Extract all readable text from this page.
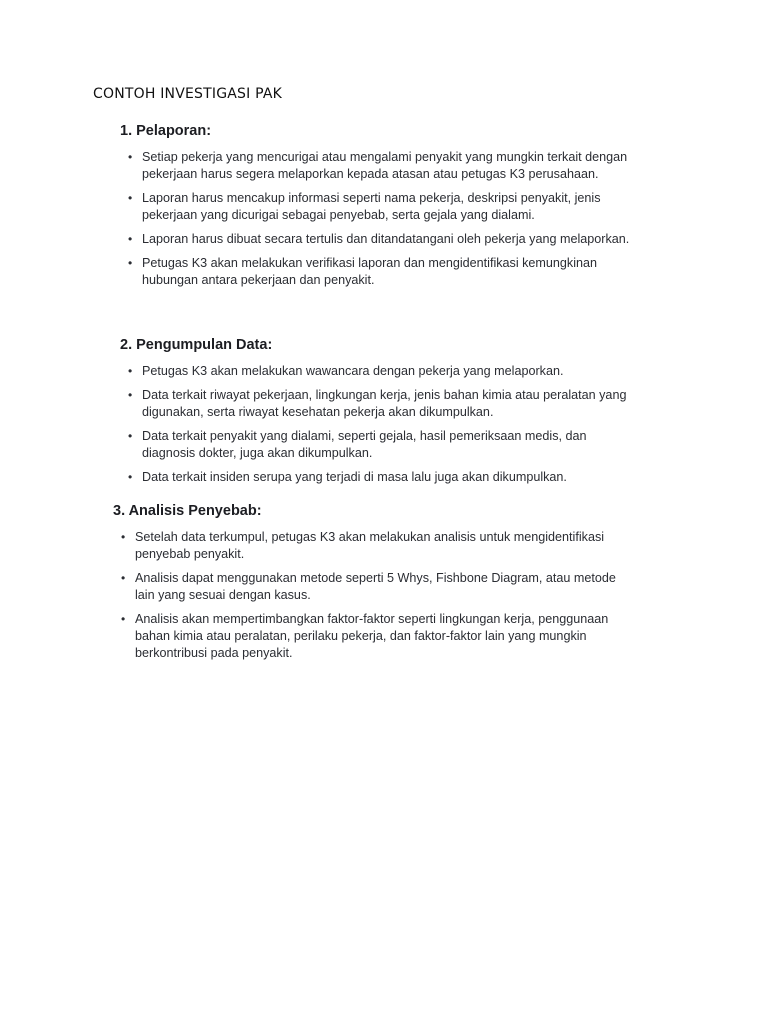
CONTOH INVESTIGASI PAK

1. Pelaporan:
• Setiap pekerja yang mencurigai atau mengalami penyakit yang mungkin terkait dengan pekerjaan harus segera melaporkan kepada atasan atau petugas K3 perusahaan.
• Laporan harus mencakup informasi seperti nama pekerja, deskripsi penyakit, jenis pekerjaan yang dicurigai sebagai penyebab, serta gejala yang dialami.
• Laporan harus dibuat secara tertulis dan ditandatangani oleh pekerja yang melaporkan.
• Petugas K3 akan melakukan verifikasi laporan dan mengidentifikasi kemungkinan hubungan antara pekerjaan dan penyakit.
2. Pengumpulan Data:
• Petugas K3 akan melakukan wawancara dengan pekerja yang melaporkan.
• Data terkait riwayat pekerjaan, lingkungan kerja, jenis bahan kimia atau peralatan yang digunakan, serta riwayat kesehatan pekerja akan dikumpulkan.
• Data terkait penyakit yang dialami, seperti gejala, hasil pemeriksaan medis, dan diagnosis dokter, juga akan dikumpulkan.
• Data terkait insiden serupa yang terjadi di masa lalu juga akan dikumpulkan.
3. Analisis Penyebab:
• Setelah data terkumpul, petugas K3 akan melakukan analisis untuk mengidentifikasi penyebab penyakit.
• Analisis dapat menggunakan metode seperti 5 Whys, Fishbone Diagram, atau metode lain yang sesuai dengan kasus.
• Analisis akan mempertimbangkan faktor-faktor seperti lingkungan kerja, penggunaan bahan kimia atau peralatan, perilaku pekerja, dan faktor-faktor lain yang mungkin berkontribusi pada penyakit.
